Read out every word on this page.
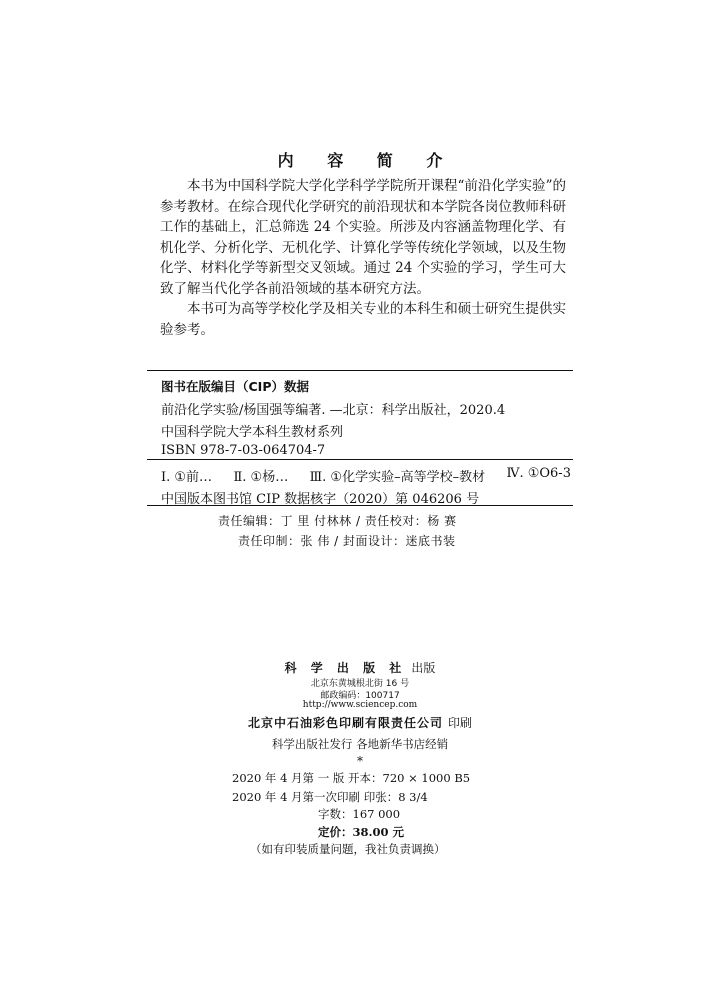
内 容 简 介

本书为中国科学院大学化学科学学院所开课程“前沿化学实验”的参考教材。在综合现代化学研究的前沿现状和本学院各岗位教师科研工作的基础上，汇总筛选 24 个实验。所涉及内容涵盖物理化学、有机化学、分析化学、无机化学、计算化学等传统化学领域，以及生物化学、材料化学等新型交叉领域。通过 24 个实验的学习，学生可大致了解当代化学各前沿领域的基本研究方法。

本书可为高等学校化学及相关专业的本科生和硕士研究生提供实验参考。

图书在版编目（CIP）数据
前沿化学实验/杨国强等编著. —北京：科学出版社，2020.4
中国科学院大学本科生教材系列
ISBN 978-7-03-064704-7
Ⅰ. ①前… Ⅱ. ①杨… Ⅲ. ①化学实验–高等学校–教材 Ⅳ. ①O6-3
中国版本图书馆 CIP 数据核字（2020）第 046206 号
责任编辑：丁 里 付林林 / 责任校对：杨 赛
责任印制：张 伟 / 封面设计：迷底书装
科 学 出 版 社 出版
北京东黄城根北街 16 号
邮政编码：100717
http://www.sciencep.com
北京中石油彩色印刷有限责任公司 印刷
科学出版社发行 各地新华书店经销
*
2020 年 4 月第 一 版 开本：720 × 1000 B5
2020 年 4 月第一次印刷 印张：8 3/4
字数：167 000
定价：38.00 元
（如有印装质量问题，我社负责调换）
